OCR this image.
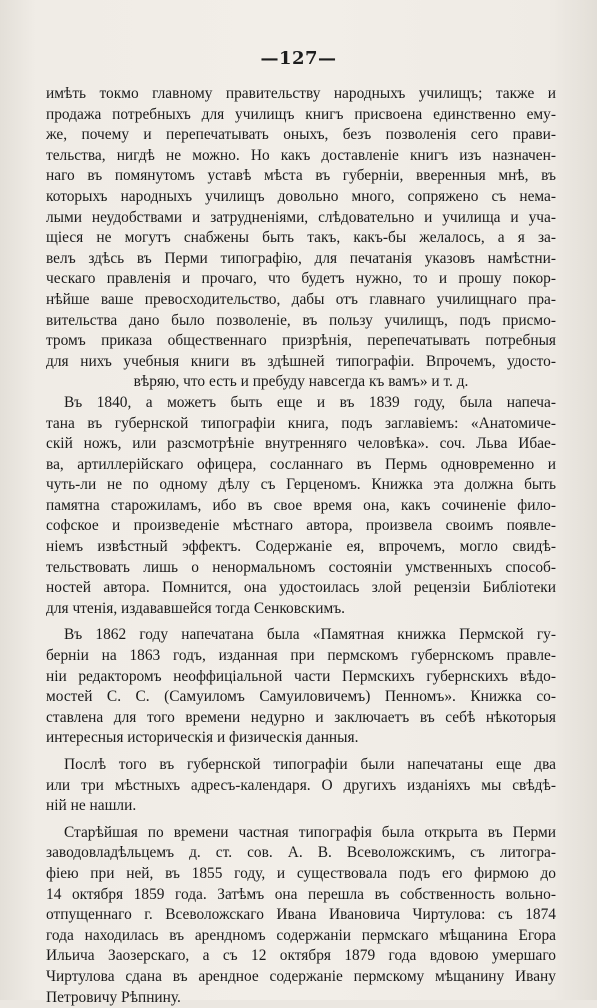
—127—
имѣть токмо главному правительству народныхъ училищъ; также и
продажа потребныхъ для училищъ книгъ присвоена единственно ему-
же, почему и перепечатывать оныхъ, безъ позволенія сего прави-
тельства, нигдѣ не можно. Но какъ доставленіе книгъ изъ назначен-
наго въ помянутомъ уставѣ мѣста въ губерніи, вверенныя мнѣ, въ
которыхъ народныхъ училищъ довольно много, сопряжено съ нема-
лыми неудобствами и затрудненіями, слѣдовательно и училища и уча-
щіеся не могутъ снабжены быть такъ, какъ-бы желалось, а я за-
велъ здѣсь въ Перми типографію, для печатанія указовъ намѣстни-
ческаго правленія и прочаго, что будетъ нужно, то и прошу покор-
нѣйше ваше превосходительство, дабы отъ главнаго училищнаго пра-
вительства дано было позволеніе, въ пользу училищъ, подъ присмо-
тромъ приказа общественнаго призрѣнія, перепечатывать потребныя
для нихъ учебныя книги въ здѣшней типографіи. Впрочемъ, удосто-
вѣряю, что есть и пребуду навсегда къ вамъ» и т. д.
Въ 1840, а можетъ быть еще и въ 1839 году, была напеча-
тана въ губернской типографіи книга, подъ заглавіемъ: «Анатомиче-
скій ножъ, или разсмотрѣніе внутренняго человѣка». соч. Льва Ибае-
ва, артиллерійскаго офицера, сосланнаго въ Пермь одновременно и
чуть-ли не по одному дѣлу съ Герценомъ. Книжка эта должна быть
памятна старожиламъ, ибо въ свое время она, какъ сочиненіе фило-
софское и произведеніе мѣстнаго автора, произвела своимъ появле-
ніемъ извѣстный эффектъ. Содержаніе ея, впрочемъ, могло свидѣ-
тельствовать лишь о ненормальномъ состояніи умственныхъ способ-
ностей автора. Помнится, она удостоилась злой рецензіи Библіотеки
для чтенія, издававшейся тогда Сенковскимъ.
Въ 1862 году напечатана была «Памятная книжка Пермской гу-
берніи на 1863 годъ, изданная при пермскомъ губернскомъ правле-
ніи редакторомъ неоффиціальной части Пермскихъ губернскихъ вѣдо-
мостей С. С. (Самуиломъ Самуиловичемъ) Пенномъ». Книжка со-
ставлена для того времени недурно и заключаетъ въ себѣ нѣкоторыя
интересныя историческія и физическія данныя.
Послѣ того въ губернской типографіи были напечатаны еще два
или три мѣстныхъ адресъ-календаря. О другихъ изданіяхъ мы свѣдѣ-
ній не нашли.
Старѣйшая по времени частная типографія была открыта въ Перми
заводовладѣльцемъ д. ст. сов. А. В. Всеволожскимъ, съ литогра-
фіею при ней, въ 1855 году, и существовала подъ его фирмою до
14 октября 1859 года. Затѣмъ она перешла въ собственность вольно-
отпущеннаго г. Всеволожскаго Ивана Ивановича Чиртулова: съ 1874
года находилась въ арендномъ содержаніи пермскаго мѣщанина Егора
Ильича Заозерскаго, а съ 12 октября 1879 года вдовою умершаго
Чиртулова сдана въ арендное содержаніе пермскому мѣщанину Ивану
Петровичу Рѣпнину.
